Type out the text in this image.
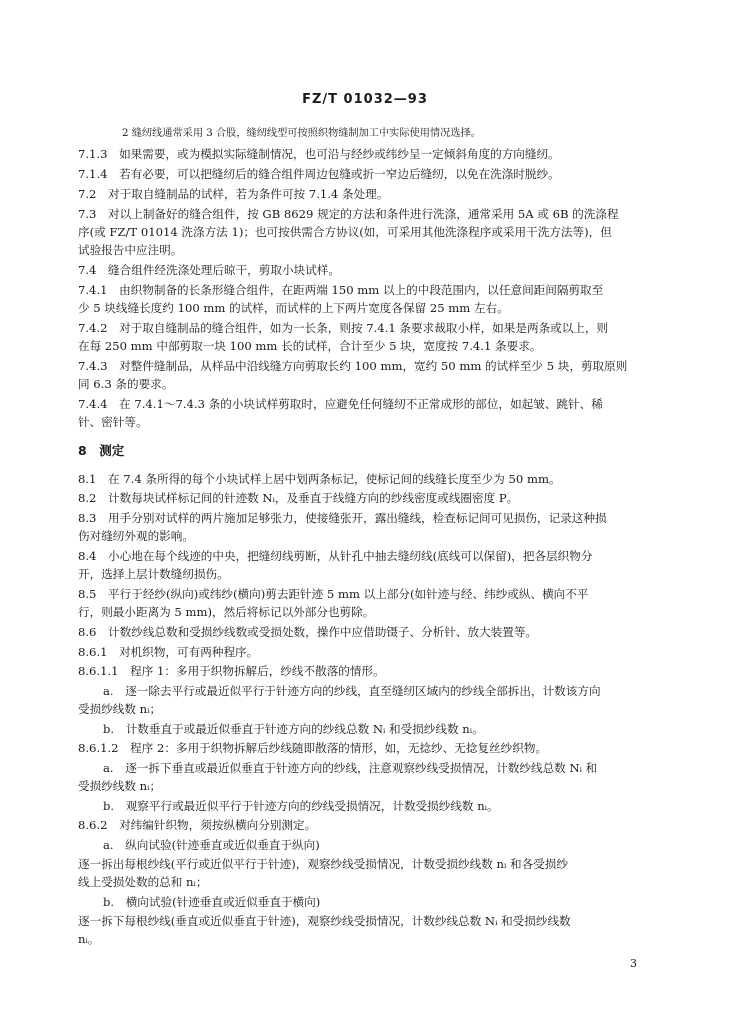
FZ/T 01032—93
2 缝纫线通常采用 3 合股，缝纫线型可按照织物缝制加工中实际使用情况选择。
7.1.3　如果需要，或为模拟实际缝制情况，也可沿与经纱或纬纱呈一定倾斜角度的方向缝纫。
7.1.4　若有必要，可以把缝纫后的缝合组件周边包缝或折一窄边后缝纫，以免在洗涤时脱纱。
7.2　对于取自缝制品的试样，若为条件可按 7.1.4 条处理。
7.3　对以上制备好的缝合组件，按 GB 8629 规定的方法和条件进行洗涤，通常采用 5A 或 6B 的洗涤程
序(或 FZ/T 01014 洗涤方法 1)；也可按供需合方协议(如，可采用其他洗涤程序或采用干洗方法等)，但
试验报告中应注明。
7.4　缝合组件经洗涤处理后晾干，剪取小块试样。
7.4.1　由织物制备的长条形缝合组件，在距两端 150 mm 以上的中段范围内，以任意间距间隔剪取至
少 5 块线缝长度约 100 mm 的试样，而试样的上下两片宽度各保留 25 mm 左右。
7.4.2　对于取自缝制品的缝合组件，如为一长条，则按 7.4.1 条要求裁取小样，如果是两条或以上，则
在每 250 mm 中部剪取一块 100 mm 长的试样，合计至少 5 块，宽度按 7.4.1 条要求。
7.4.3　对整件缝制品，从样品中沿线缝方向剪取长约 100 mm，宽约 50 mm 的试样至少 5 块，剪取原则
同 6.3 条的要求。
7.4.4　在 7.4.1～7.4.3 条的小块试样剪取时，应避免任何缝纫不正常成形的部位，如起皱、跳针、稀
针、密针等。
8　测定
8.1　在 7.4 条所得的每个小块试样上居中划两条标记，使标记间的线缝长度至少为 50 mm。
8.2　计数每块试样标记间的针迹数 Nᵢ，及垂直于线缝方向的纱线密度或线圈密度 P。
8.3　用手分别对试样的两片施加足够张力，使接缝张开，露出缝线，检查标记间可见损伤，记录这种损
伤对缝纫外观的影响。
8.4　小心地在每个线迹的中央，把缝纫线剪断，从针孔中抽去缝纫线(底线可以保留)，把各层织物分
开，选择上层计数缝纫损伤。
8.5　平行于经纱(纵向)或纬纱(横向)剪去距针迹 5 mm 以上部分(如针迹与经、纬纱或纵、横向不平
行，则最小距离为 5 mm)，然后将标记以外部分也剪除。
8.6　计数纱线总数和受损纱线数或受损处数，操作中应借助镊子、分析针、放大装置等。
8.6.1　对机织物，可有两种程序。
8.6.1.1　程序 1：多用于织物拆解后，纱线不散落的情形。
a.　逐一除去平行或最近似平行于针迹方向的纱线，直至缝纫区域内的纱线全部拆出，计数该方向
受损纱线数 nᵢ；
b.　计数垂直于或最近似垂直于针迹方向的纱线总数 Nᵢ 和受损纱线数 nᵢ。
8.6.1.2　程序 2：多用于织物拆解后纱线随即散落的情形，如，无捻纱、无捻复丝纱织物。
a.　逐一拆下垂直或最近似垂直于针迹方向的纱线，注意观察纱线受损情况，计数纱线总数 Nᵢ 和
受损纱线数 nᵢ；
b.　观察平行或最近似平行于针迹方向的纱线受损情况，计数受损纱线数 nᵢ。
8.6.2　对纬编针织物，须按纵横向分别测定。
a.　纵向试验(针迹垂直或近似垂直于纵向)
逐一拆出每根纱线(平行或近似平行于针迹)，观察纱线受损情况，计数受损纱线数 nᵢ 和各受损纱
线上受损处数的总和 nᵢ；
b.　横向试验(针迹垂直或近似垂直于横向)
逐一拆下每根纱线(垂直或近似垂直于针迹)，观察纱线受损情况，计数纱线总数 Nᵢ 和受损纱线数
nᵢ。
3
